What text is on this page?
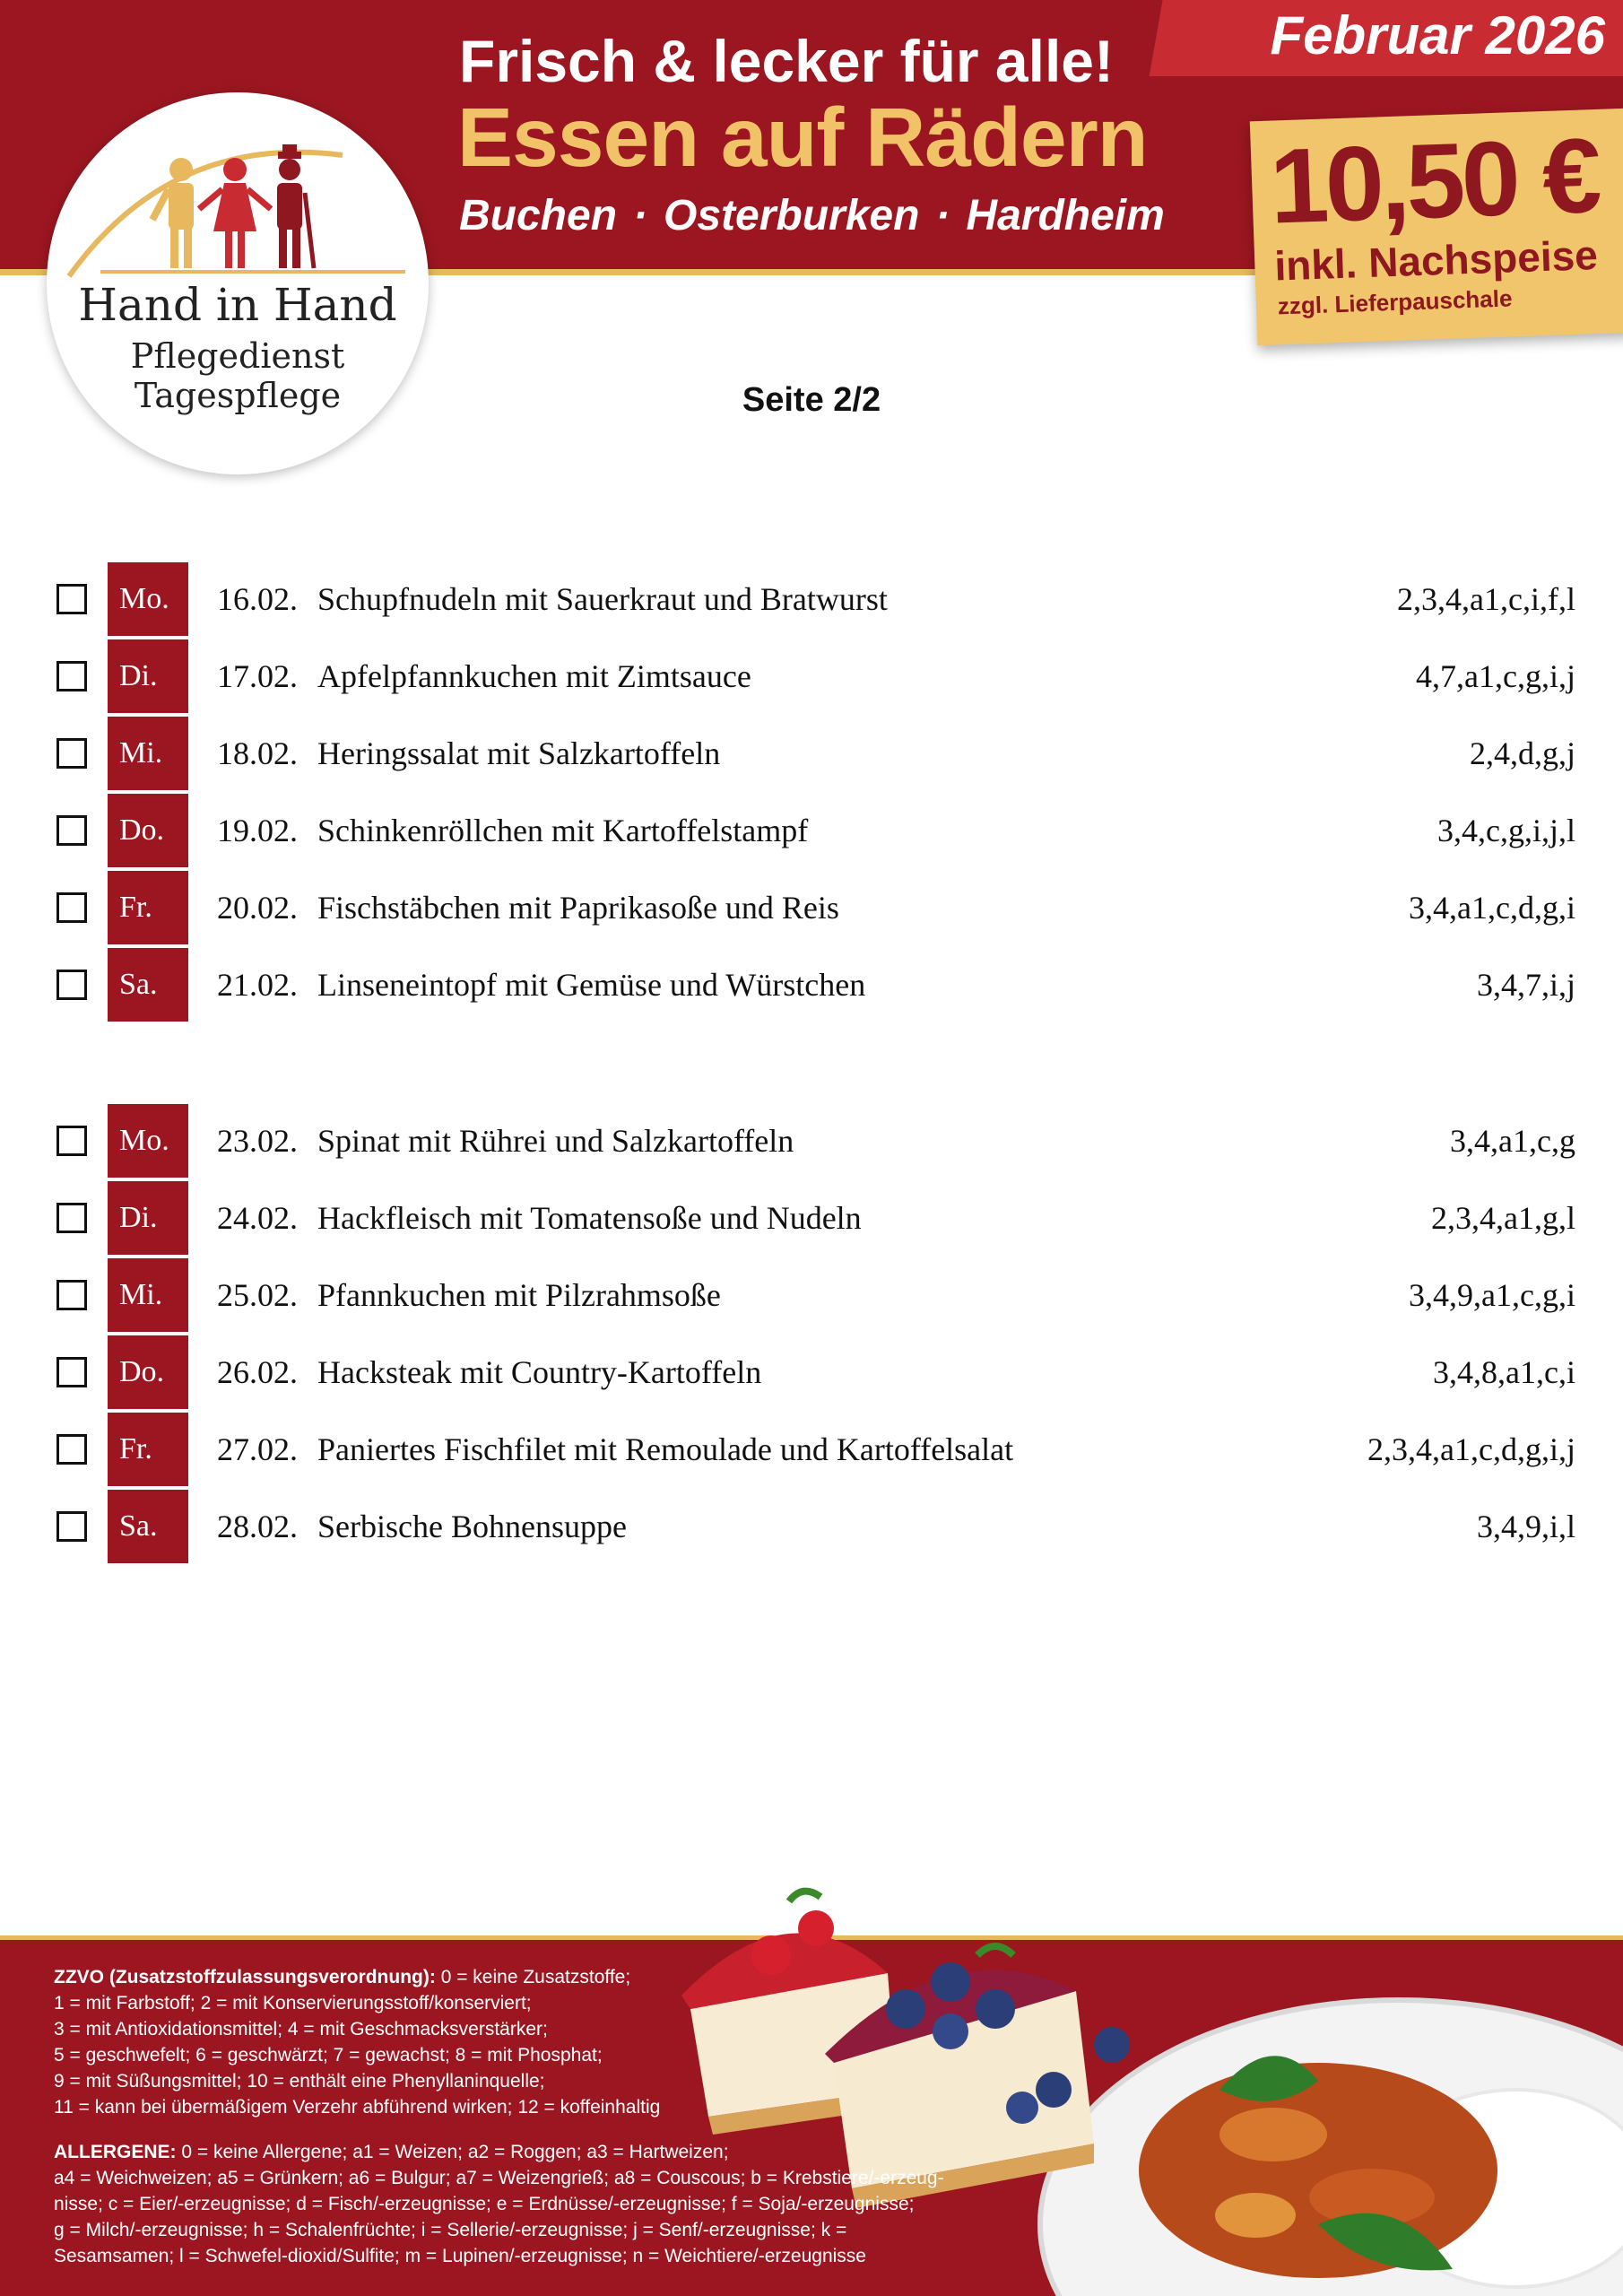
Februar 2026
Frisch & lecker für alle!
Essen auf Rädern
Buchen · Osterburken · Hardheim 10,50 €
inkl. Nachspeise
zzgl. Lieferpauschale
Hand in Hand
Pflegedienst
Tagespflege	Seite 2/2
Mo.	16.02. Schupfnudeln mit Sauerkraut und Bratwurst	2,3,4,a1,c,i,f,l
Di.	17.02. Apfelpfannkuchen mit Zimtsauce	4,7,a1,c,g,i,j
Mi.	18.02. Heringssalat mit Salzkartoffeln	2,4,d,g,j
Do.	19.02. Schinkenröllchen mit Kartoffelstampf	3,4,c,g,i,j,l
Fr.	20.02. Fischstäbchen mit Paprikasoße und Reis	3,4,a1,c,d,g,i
Sa.	21.02. Linseneintopf mit Gemüse und Würstchen	3,4,7,i,j
Mo.	23.02. Spinat mit Rührei und Salzkartoffeln	3,4,a1,c,g
Di.	24.02. Hackfleisch mit Tomatensoße und Nudeln	2,3,4,a1,g,l
Mi.	25.02. Pfannkuchen mit Pilzrahmsoße	3,4,9,a1,c,g,i
Do.	26.02. Hacksteak mit Country-Kartoffeln	3,4,8,a1,c,i
Fr.	27.02. Paniertes Fischfilet mit Remoulade und Kartoffelsalat	2,3,4,a1,c,d,g,i,j
Sa.	28.02. Serbische Bohnensuppe	3,4,9,i,l
ZZVO (Zusatzstoffzulassungsverordnung): 0 = keine Zusatzstoffe;
1 = mit Farbstoff; 2 = mit Konservierungsstoff/konserviert;
3 = mit Antioxidationsmittel; 4 = mit Geschmacksverstärker;
5 = geschwefelt; 6 = geschwärzt; 7 = gewachst; 8 = mit Phosphat;
9 = mit Süßungsmittel; 10 = enthält eine Phenyllaninquelle;
11 = kann bei übermäßigem Verzehr abführend wirken; 12 = koffeinhaltig
ALLERGENE: 0 = keine Allergene; a1 = Weizen; a2 = Roggen; a3 = Hartweizen;
a4 = Weichweizen; a5 = Grünkern; a6 = Bulgur; a7 = Weizengrieß; a8 = Couscous; b = Krebstiere/-erzeug-
nisse; c = Eier/-erzeugnisse; d = Fisch/-erzeugnisse; e = Erdnüsse/-erzeugnisse; f = Soja/-erzeugnisse;
g = Milch/-erzeugnisse; h = Schalenfrüchte; i = Sellerie/-erzeugnisse; j = Senf/-erzeugnisse; k =
Sesamsamen; l = Schwefel-dioxid/Sulfite; m = Lupinen/-erzeugnisse; n = Weichtiere/-erzeugnisse
